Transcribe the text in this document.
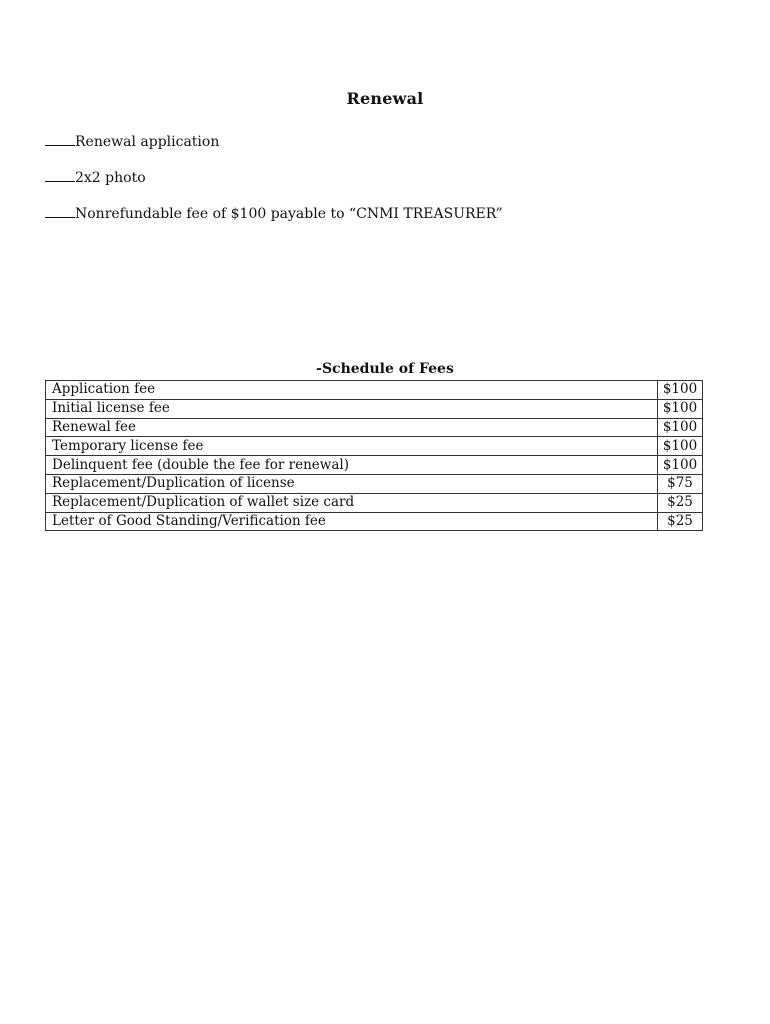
Renewal
Renewal application
2x2 photo
Nonrefundable fee of $100 payable to “CNMI TREASURER”
-Schedule of Fees
Application fee	$100
Initial license fee	$100
Renewal fee	$100
Temporary license fee	$100
Delinquent fee (double the fee for renewal)	$100
Replacement/Duplication of license	$75
Replacement/Duplication of wallet size card	$25
Letter of Good Standing/Verification fee	$25
